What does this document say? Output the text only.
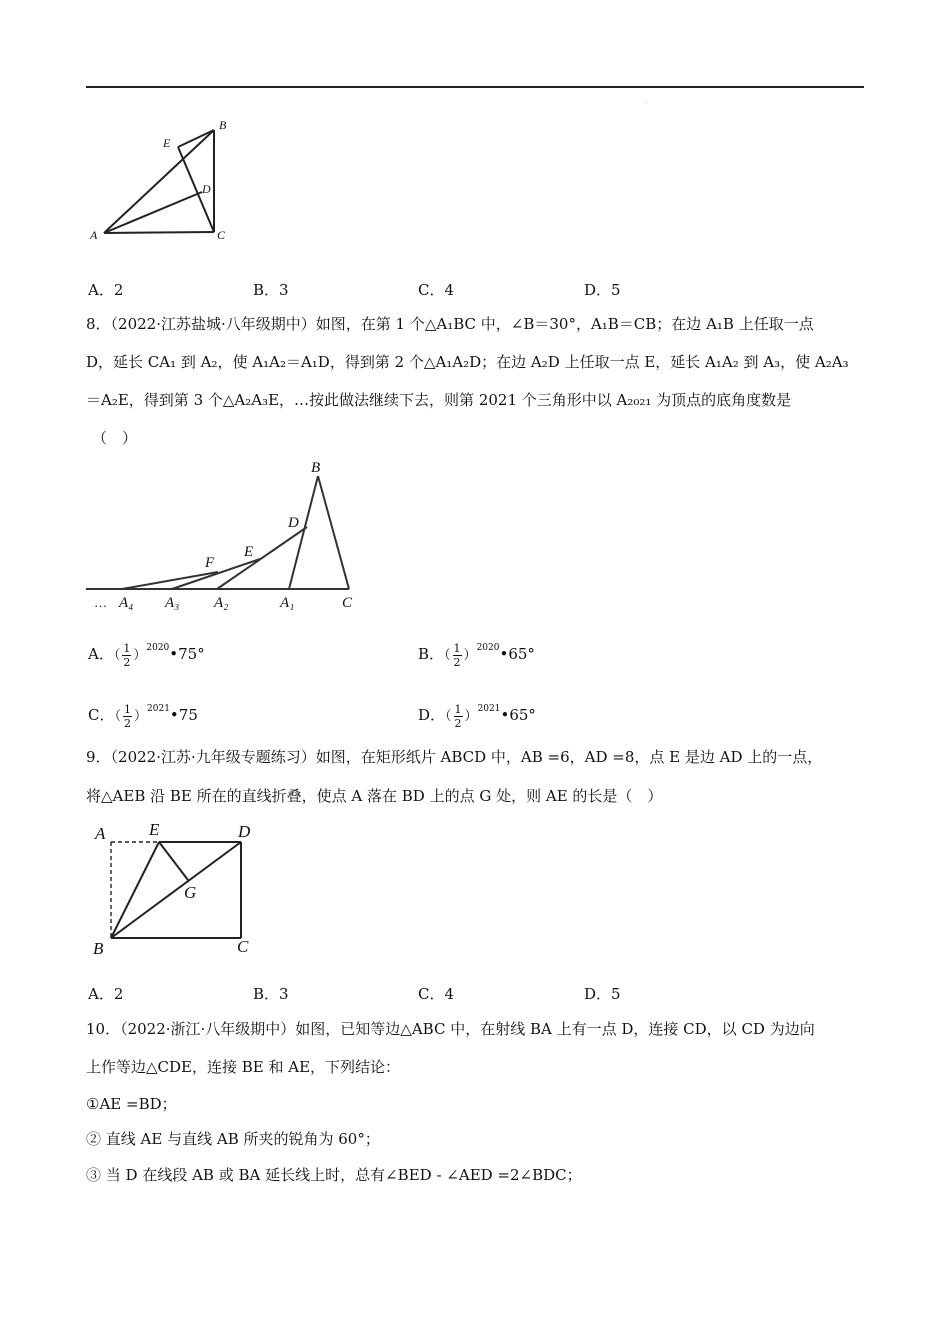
.
A
B
C
D
E
A．2	B．3	C．4	D．5
8．（2022·江苏盐城·八年级期中）如图，在第 1 个△A₁BC 中，∠B＝30°，A₁B＝CB；在边 A₁B 上任取一点
D，延长 CA₁ 到 A₂，使 A₁A₂＝A₁D，得到第 2 个△A₁A₂D；在边 A₂D 上任取一点 E，延长 A₁A₂ 到 A₃，使 A₂A₃
＝A₂E，得到第 3 个△A₂A₃E，…按此做法继续下去，则第 2021 个三角形中以 A₂₀₂₁ 为顶点的底角度数是
（　）
B
D
E
F
… A₄ A₃ A₂	A₁	C
A．（ $\frac{1}{2}$ ）$^{2020}$•75°	B．（ $\frac{1}{2}$ ）$^{2020}$•65°
C．（ $\frac{1}{2}$ ）$^{2021}$•75	D．（ $\frac{1}{2}$ ）$^{2021}$•65°
9．（2022·江苏·九年级专题练习）如图，在矩形纸片 ABCD 中，AB =6，AD =8，点 E 是边 AD 上的一点，
将△AEB 沿 BE 所在的直线折叠，使点 A 落在 BD 上的点 G 处，则 AE 的长是（　）
A	E	D
G
B	C
A．2	B．3	C．4	D．5
10．（2022·浙江·八年级期中）如图，已知等边△ABC 中，在射线 BA 上有一点 D，连接 CD，以 CD 为边向
上作等边△CDE，连接 BE 和 AE，下列结论：
①AE =BD；
② 直线 AE 与直线 AB 所夹的锐角为 60°；
③ 当 D 在线段 AB 或 BA 延长线上时，总有∠BED - ∠AED =2∠BDC；
